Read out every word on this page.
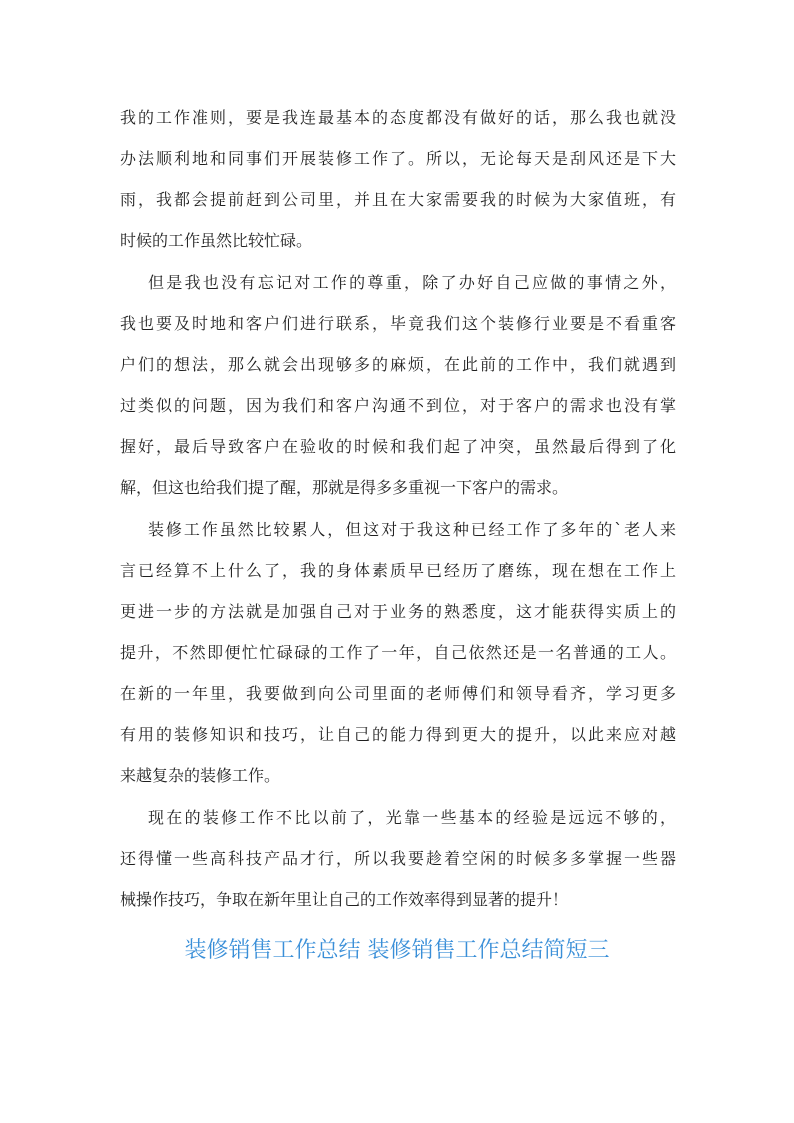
我的工作准则，要是我连最基本的态度都没有做好的话，那么我也就没
办法顺利地和同事们开展装修工作了。所以，无论每天是刮风还是下大
雨，我都会提前赶到公司里，并且在大家需要我的时候为大家值班，有
时候的工作虽然比较忙碌。
但是我也没有忘记对工作的尊重，除了办好自己应做的事情之外，
我也要及时地和客户们进行联系，毕竟我们这个装修行业要是不看重客
户们的想法，那么就会出现够多的麻烦，在此前的工作中，我们就遇到
过类似的问题，因为我们和客户沟通不到位，对于客户的需求也没有掌
握好，最后导致客户在验收的时候和我们起了冲突，虽然最后得到了化
解，但这也给我们提了醒，那就是得多多重视一下客户的需求。
装修工作虽然比较累人，但这对于我这种已经工作了多年的`老人来
言已经算不上什么了，我的身体素质早已经历了磨练，现在想在工作上
更进一步的方法就是加强自己对于业务的熟悉度，这才能获得实质上的
提升，不然即便忙忙碌碌的工作了一年，自己依然还是一名普通的工人。
在新的一年里，我要做到向公司里面的老师傅们和领导看齐，学习更多
有用的装修知识和技巧，让自己的能力得到更大的提升，以此来应对越
来越复杂的装修工作。
现在的装修工作不比以前了，光靠一些基本的经验是远远不够的，
还得懂一些高科技产品才行，所以我要趁着空闲的时候多多掌握一些器
械操作技巧，争取在新年里让自己的工作效率得到显著的提升！
装修销售工作总结 装修销售工作总结简短三
